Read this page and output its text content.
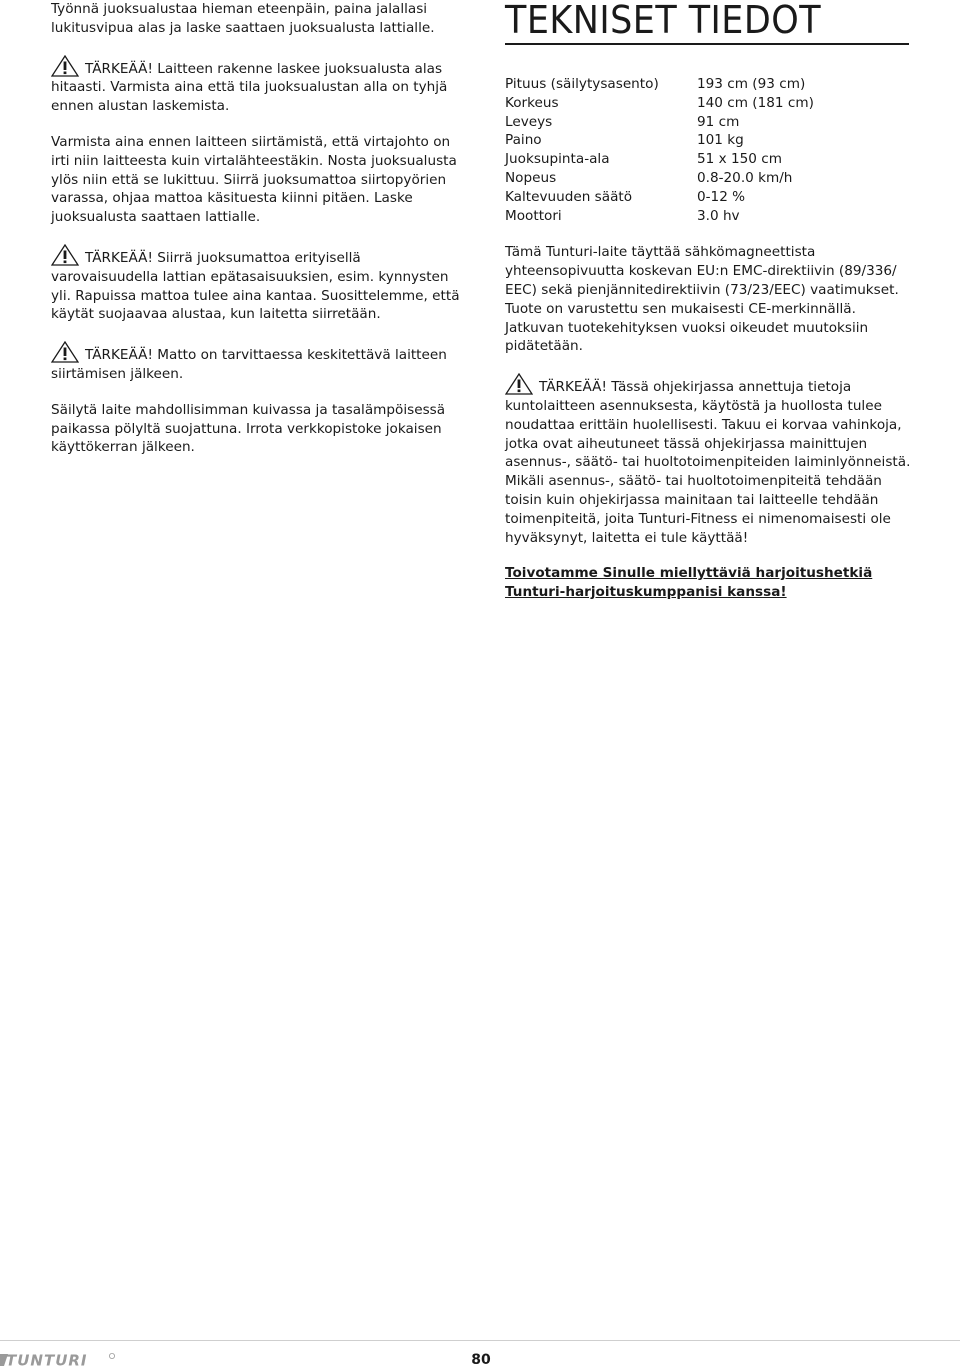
Työnnä juoksualustaa hieman eteenpäin, paina jalallasi lukitusvipua alas ja laske saattaen juoksualusta lattialle.

TÄRKEÄÄ! Laitteen rakenne laskee juoksualusta alas hitaasti. Varmista aina että tila juoksualustan alla on tyhjä ennen alustan laskemista.

Varmista aina ennen laitteen siirtämistä, että virtajohto on irti niin laitteesta kuin virtalähteestäkin. Nosta juoksualusta ylös niin että se lukittuu. Siirrä juoksumattoa siirtopyörien varassa, ohjaa mattoa käsituesta kiinni pitäen. Laske juoksualusta saattaen lattialle.

TÄRKEÄÄ! Siirrä juoksumattoa erityisellä varovaisuudella lattian epätasaisuuksien, esim. kynnysten yli. Rapuissa mattoa tulee aina kantaa. Suosittelemme, että käytät suojaavaa alustaa, kun laitetta siirretään.

TÄRKEÄÄ! Matto on tarvittaessa keskitettävä laitteen siirtämisen jälkeen.

Säilytä laite mahdollisimman kuivassa ja tasalämpöisessä paikassa pölyltä suojattuna. Irrota verkkopistoke jokaisen käyttökerran jälkeen.

TEKNISET TIEDOT
Pituus (säilytysasento)	193 cm (93 cm)
Korkeus	140 cm (181 cm)
Leveys	91 cm
Paino	101 kg
Juoksupinta-ala	51 x 150 cm
Nopeus	0.8-20.0 km/h
Kaltevuuden säätö	0-12 %
Moottori	3.0 hv

Tämä Tunturi-laite täyttää sähkömagneettista yhteensopivuutta koskevan EU:n EMC-direktiivin (89/336/ EEC) sekä pienjännitedirektiivin (73/23/EEC) vaatimukset. Tuote on varustettu sen mukaisesti CE-merkinnällä. Jatkuvan tuotekehityksen vuoksi oikeudet muutoksiin pidätetään.

TÄRKEÄÄ! Tässä ohjekirjassa annettuja tietoja kuntolaitteen asennuksesta, käytöstä ja huollosta tulee noudattaa erittäin huolellisesti. Takuu ei korvaa vahinkoja, jotka ovat aiheutuneet tässä ohjekirjassa mainittujen asennus-, säätö- tai huoltotoimenpiteiden laiminlyönneistä. Mikäli asennus-, säätö- tai huoltotoimenpiteitä tehdään toisin kuin ohjekirjassa mainitaan tai laitteelle tehdään toimenpiteitä, joita Tunturi-Fitness ei nimenomaisesti ole hyväksynyt, laitetta ei tule käyttää!

Toivotamme Sinulle miellyttäviä harjoitushetkiä Tunturi-harjoituskumppanisi kanssa!

TUNTURI	80
